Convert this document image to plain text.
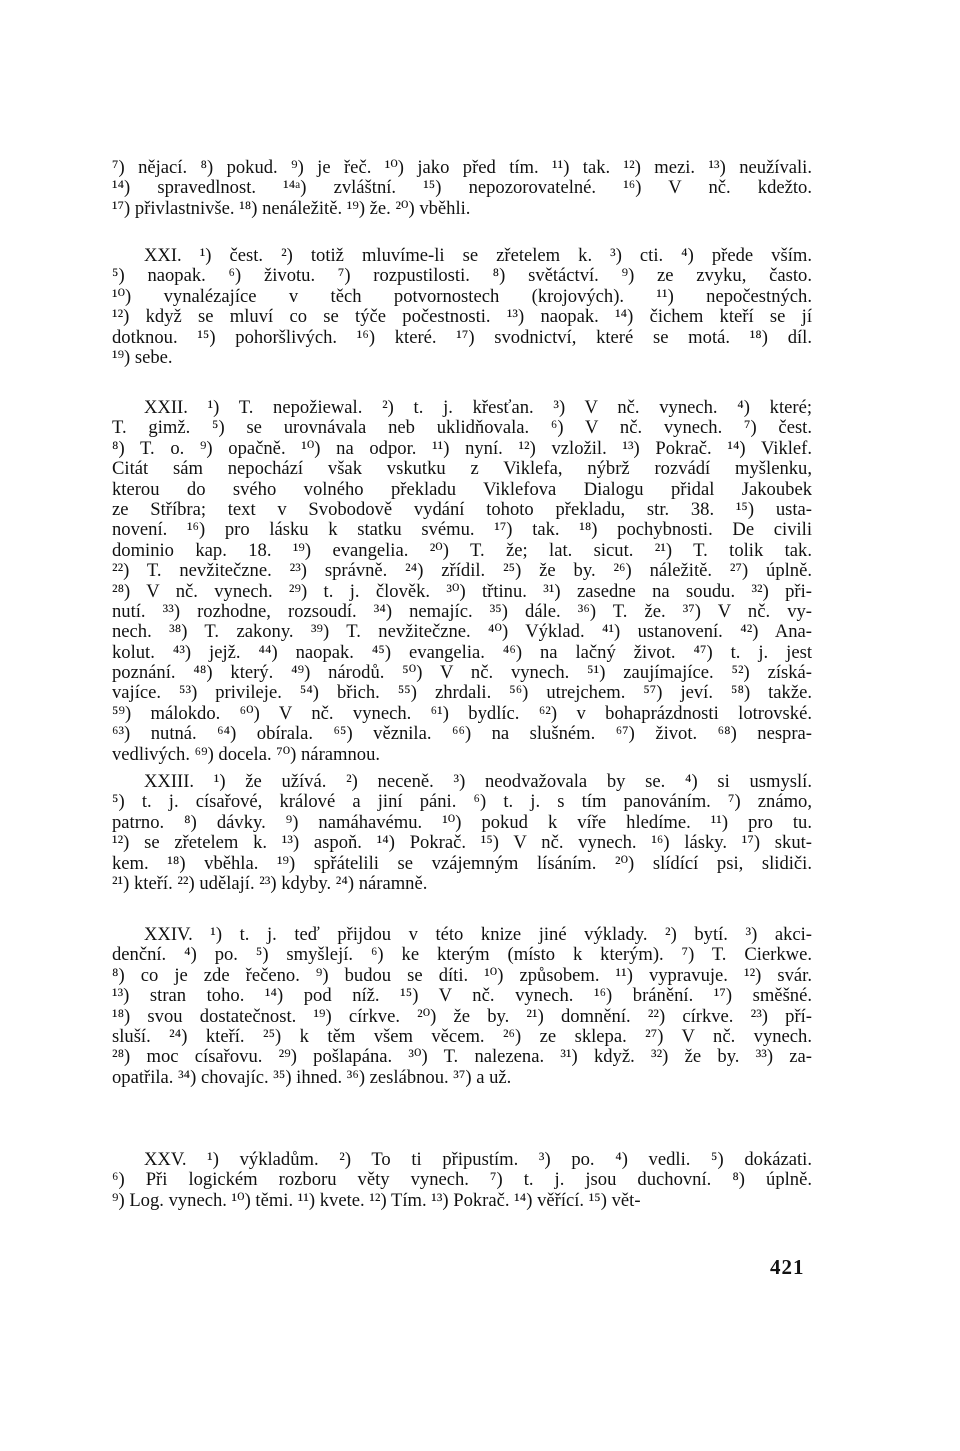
⁷) nějací. ⁸) pokud. ⁹) je řeč. ¹⁰) jako před tím. ¹¹) tak. ¹²) mezi. ¹³) neužívali.
¹⁴) spravedlnost. ¹⁴ᵃ) zvláštní. ¹⁵) nepozorovatelné. ¹⁶) V nč. kdežto.
¹⁷) přivlastnivše. ¹⁸) nenáležitě. ¹⁹) že. ²⁰) vběhli.
XXI. ¹) čest. ²) totiž mluvíme-li se zřetelem k. ³) cti. ⁴) přede vším.
⁵) naopak. ⁶) životu. ⁷) rozpustilosti. ⁸) světáctví. ⁹) ze zvyku, často.
¹⁰) vynalézajíce v těch potvornostech (krojových). ¹¹) nepočestných.
¹²) když se mluví co se týče počestnosti. ¹³) naopak. ¹⁴) čichem kteří se jí
dotknou. ¹⁵) pohoršlivých. ¹⁶) které. ¹⁷) svodnictví, které se motá. ¹⁸) díl.
¹⁹) sebe.
XXII. ¹) T. nepožiewal. ²) t. j. křesťan. ³) V nč. vynech. ⁴) které;
T. gimž. ⁵) se urovnávala neb uklidňovala. ⁶) V nč. vynech. ⁷) čest.
⁸) T. o. ⁹) opačně. ¹⁰) na odpor. ¹¹) nyní. ¹²) vzložil. ¹³) Pokrač. ¹⁴) Viklef.
Citát sám nepochází však vskutku z Viklefa, nýbrž rozvádí myšlenku,
kterou do svého volného překladu Viklefova Dialogu přidal Jakoubek
ze Stříbra; text v Svobodově vydání tohoto překladu, str. 38. ¹⁵) usta-
novení. ¹⁶) pro lásku k statku svému. ¹⁷) tak. ¹⁸) pochybnosti. De civili
dominio kap. 18. ¹⁹) evangelia. ²⁰) T. že; lat. sicut. ²¹) T. tolik tak.
²²) T. nevžitečzne. ²³) správně. ²⁴) zřídil. ²⁵) že by. ²⁶) náležitě. ²⁷) úplně.
²⁸) V nč. vynech. ²⁹) t. j. člověk. ³⁰) třtinu. ³¹) zasedne na soudu. ³²) při-
nutí. ³³) rozhodne, rozsoudí. ³⁴) nemajíc. ³⁵) dále. ³⁶) T. že. ³⁷) V nč. vy-
nech. ³⁸) T. zakony. ³⁹) T. nevžitečzne. ⁴⁰) Výklad. ⁴¹) ustanovení. ⁴²) Ana-
kolut. ⁴³) jejž. ⁴⁴) naopak. ⁴⁵) evangelia. ⁴⁶) na lačný život. ⁴⁷) t. j. jest
poznání. ⁴⁸) který. ⁴⁹) národů. ⁵⁰) V nč. vynech. ⁵¹) zaujímajíce. ⁵²) získá-
vajíce. ⁵³) privileje. ⁵⁴) břich. ⁵⁵) zhrdali. ⁵⁶) utrejchem. ⁵⁷) jeví. ⁵⁸) takže.
⁵⁹) málokdo. ⁶⁰) V nč. vynech. ⁶¹) bydlíc. ⁶²) v bohaprázdnosti lotrovské.
⁶³) nutná. ⁶⁴) obírala. ⁶⁵) věznila. ⁶⁶) na slušném. ⁶⁷) život. ⁶⁸) nespra-
vedlivých. ⁶⁹) docela. ⁷⁰) náramnou.
XXIII. ¹) že užívá. ²) necеně. ³) neodvažovala by se. ⁴) si usmyslí.
⁵) t. j. císařové, králové a jiní páni. ⁶) t. j. s tím panováním. ⁷) známo,
patrno. ⁸) dávky. ⁹) namáhavému. ¹⁰) pokud k víře hledíme. ¹¹) pro tu.
¹²) se zřetelem k. ¹³) aspoň. ¹⁴) Pokrač. ¹⁵) V nč. vynech. ¹⁶) lásky. ¹⁷) skut-
kem. ¹⁸) vběhla. ¹⁹) spřátelili se vzájemným lísáním. ²⁰) slídící psi, slidiči.
²¹) kteří. ²²) udělají. ²³) kdyby. ²⁴) náramně.
XXIV. ¹) t. j. teď přijdou v této knize jiné výklady. ²) bytí. ³) akci-
denční. ⁴) po. ⁵) smyšlejí. ⁶) ke kterým (místo k kterým). ⁷) T. Cierkwe.
⁸) co je zde řečeno. ⁹) budou se díti. ¹⁰) způsobem. ¹¹) vypravuje. ¹²) svár.
¹³) stran toho. ¹⁴) pod níž. ¹⁵) V nč. vynech. ¹⁶) bránění. ¹⁷) směšné.
¹⁸) svou dostatečnost. ¹⁹) církve. ²⁰) že by. ²¹) domnění. ²²) církve. ²³) pří-
sluší. ²⁴) kteří. ²⁵) k těm všem věcem. ²⁶) ze sklepa. ²⁷) V nč. vynech.
²⁸) moc císařovu. ²⁹) pošlapána. ³⁰) T. nalezena. ³¹) když. ³²) že by. ³³) za-
opatřila. ³⁴) chovajíc. ³⁵) ihned. ³⁶) zeslábnou. ³⁷) a už.
XXV. ¹) výkladům. ²) To ti připustím. ³) po. ⁴) vedli. ⁵) dokázati.
⁶) Při logickém rozboru věty vynech. ⁷) t. j. jsou duchovní. ⁸) úplně.
⁹) Log. vynech. ¹⁰) těmi. ¹¹) kvete. ¹²) Tím. ¹³) Pokrač. ¹⁴) věřící. ¹⁵) vět-
421
